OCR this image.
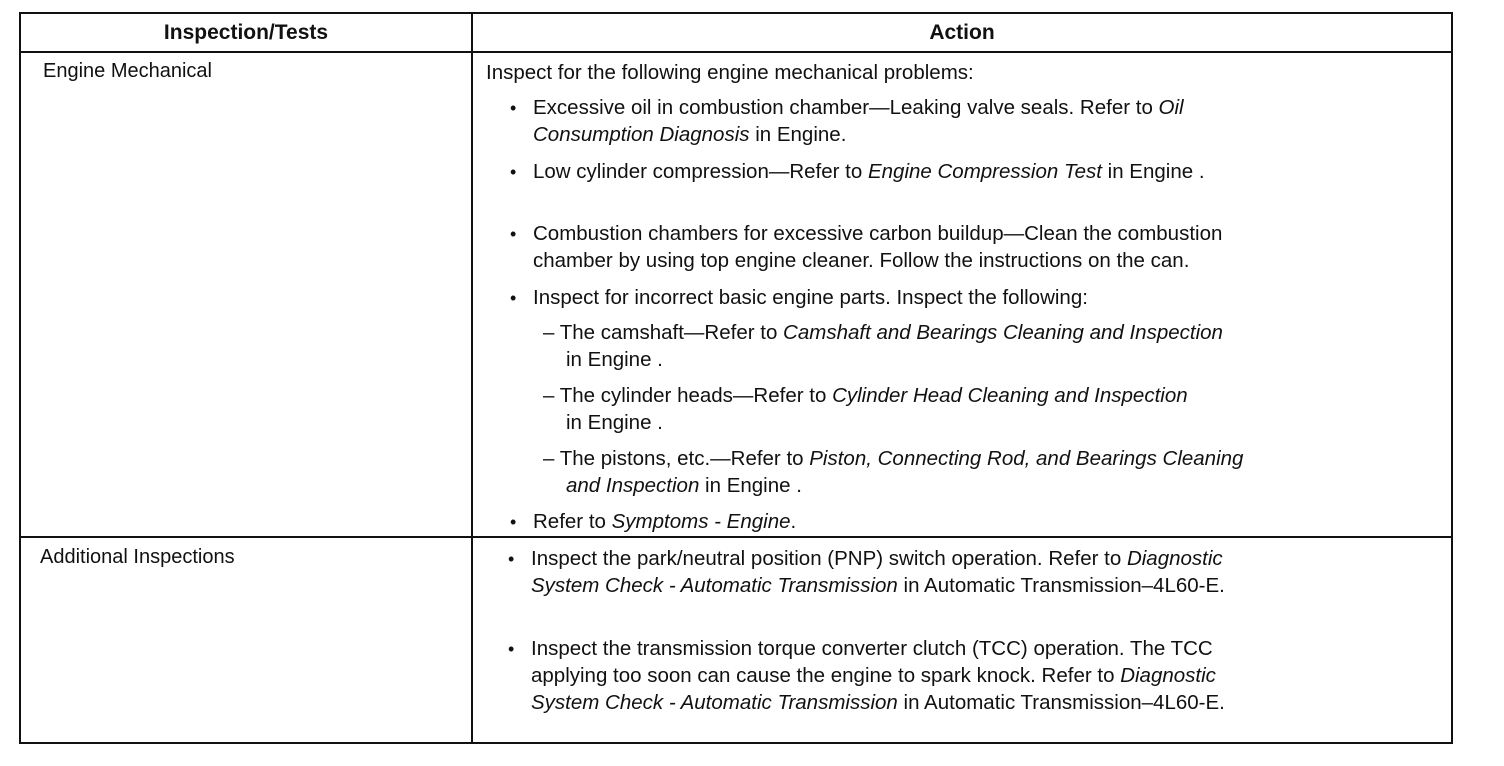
Inspection/Tests	Action
Engine Mechanical	Inspect for the following engine mechanical problems:
• Excessive oil in combustion chamber—Leaking valve seals. Refer to Oil
Consumption Diagnosis in Engine.
• Low cylinder compression—Refer to Engine Compression Test in Engine .
• Combustion chambers for excessive carbon buildup—Clean the combustion
chamber by using top engine cleaner. Follow the instructions on the can.
• Inspect for incorrect basic engine parts. Inspect the following:
– The camshaft—Refer to Camshaft and Bearings Cleaning and Inspection
in Engine .
– The cylinder heads—Refer to Cylinder Head Cleaning and Inspection
in Engine .
– The pistons, etc.—Refer to Piston, Connecting Rod, and Bearings Cleaning
and Inspection in Engine .
• Refer to Symptoms - Engine.
Additional Inspections	• Inspect the park/neutral position (PNP) switch operation. Refer to Diagnostic
System Check - Automatic Transmission in Automatic Transmission–4L60-E.
• Inspect the transmission torque converter clutch (TCC) operation. The TCC
applying too soon can cause the engine to spark knock. Refer to Diagnostic
System Check - Automatic Transmission in Automatic Transmission–4L60-E.
